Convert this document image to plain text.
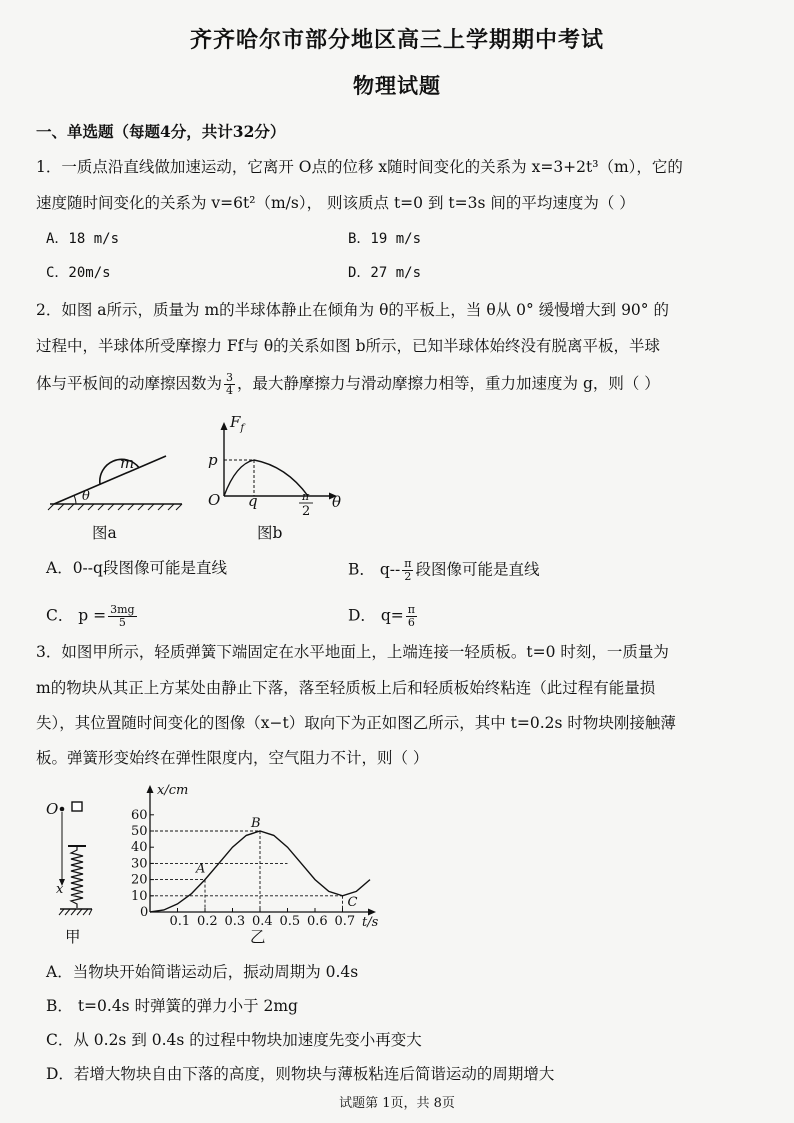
齐齐哈尔市部分地区高三上学期期中考试
物理试题
一、单选题（每题4分，共计32分）
1．一质点沿直线做加速运动，它离开 O点的位移 x随时间变化的关系为 x=3+2t³（m），它的
速度随时间变化的关系为 v=6t²（m/s）， 则该质点 t=0 到 t=3s 间的平均速度为（ ）
A．18 m/s	B．19 m/s
C．20m/s	D．27 m/s
2．如图 a所示，质量为 m的半球体静止在倾角为 θ的平板上，当 θ从 0° 缓慢增大到 90° 的
过程中，半球体所受摩擦力 Ff与 θ的关系如图 b所示，已知半球体始终没有脱离平板，半球
体与平板间的动摩擦因数为 $\frac{3}{4}$ ，最大静摩擦力与滑动摩擦力相等，重力加速度为 g，则（ ）
m
θ
图a
$F_f$
p
O q	π
2
θ
图b
A．0--q段图像可能是直线	B． $q-- \frac{\pi}{2}$ 段图像可能是直线
C． $p = \frac{3mg}{5}$	D． $q= \frac{\pi}{6}$
3．如图甲所示，轻质弹簧下端固定在水平地面上，上端连接一轻质板。t=0 时刻，一质量为
m的物块从其正上方某处由静止下落，落至轻质板上后和轻质板始终粘连（此过程有能量损
失），其位置随时间变化的图像（x−t）取向下为正如图乙所示，其中 t=0.2s 时物块刚接触薄
板。弹簧形变始终在弹性限度内，空气阻力不计，则（ ）
O
x
甲
x/cm
t/s
0
0.1 0.2 0.3 0.4 0.5 0.6 0.7
10
20
30
40
50
60
A
B
C
乙
A．当物块开始简谐运动后，振动周期为 0.4s
B． t=0.4s 时弹簧的弹力小于 2mg
C．从 0.2s 到 0.4s 的过程中物块加速度先变小再变大
D．若增大物块自由下落的高度，则物块与薄板粘连后简谐运动的周期增大
试题第 1页，共 8页
